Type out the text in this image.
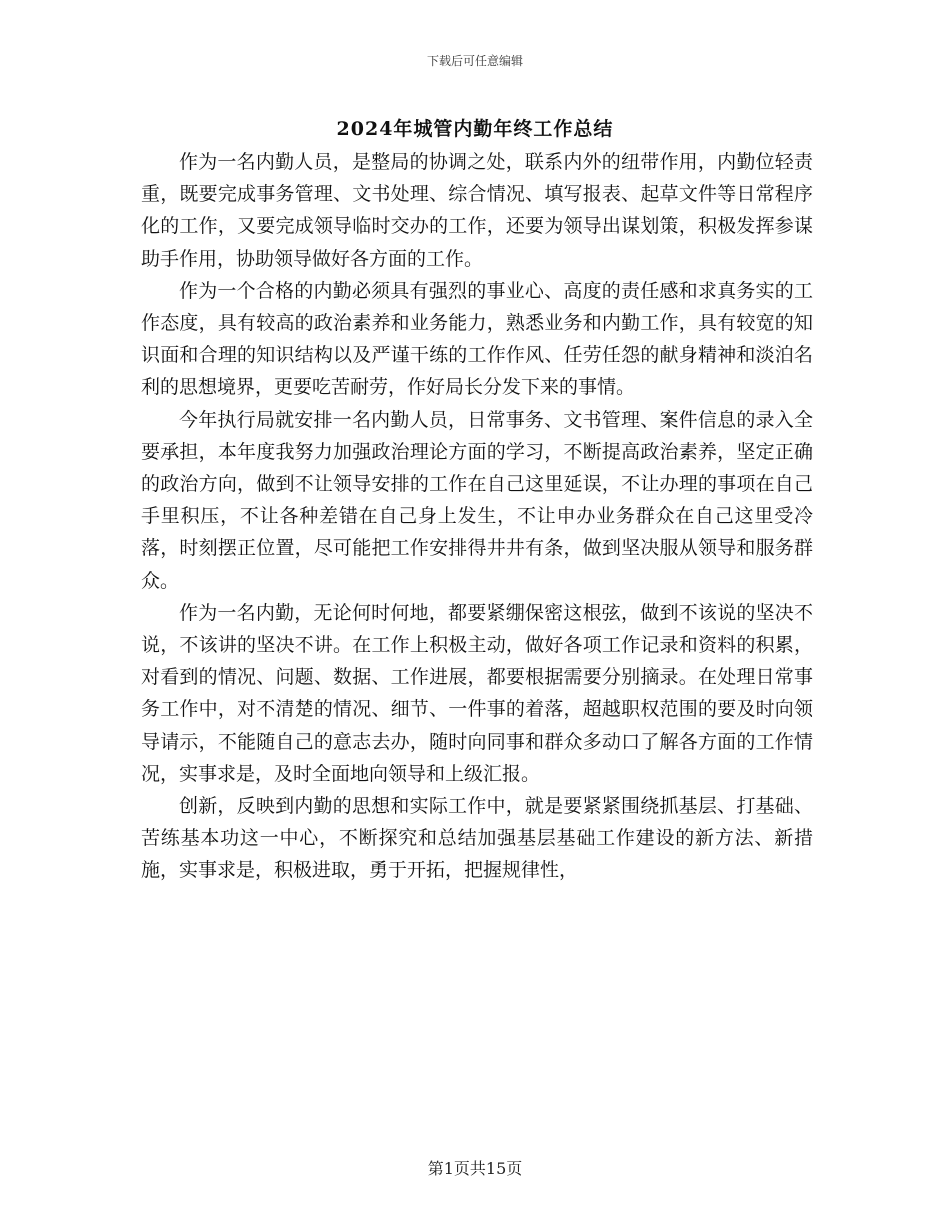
下载后可任意编辑
2024年城管内勤年终工作总结

作为一名内勤人员，是整局的协调之处，联系内外的纽带作用，内勤位轻责重，既要完成事务管理、文书处理、综合情况、填写报表、起草文件等日常程序化的工作，又要完成领导临时交办的工作，还要为领导出谋划策，积极发挥参谋助手作用，协助领导做好各方面的工作。

作为一个合格的内勤必须具有强烈的事业心、高度的责任感和求真务实的工作态度，具有较高的政治素养和业务能力，熟悉业务和内勤工作，具有较宽的知识面和合理的知识结构以及严谨干练的工作作风、任劳任怨的献身精神和淡泊名利的思想境界，更要吃苦耐劳，作好局长分发下来的事情。

今年执行局就安排一名内勤人员，日常事务、文书管理、案件信息的录入全要承担，本年度我努力加强政治理论方面的学习，不断提高政治素养，坚定正确的政治方向，做到不让领导安排的工作在自己这里延误，不让办理的事项在自己手里积压，不让各种差错在自己身上发生，不让申办业务群众在自己这里受冷落，时刻摆正位置，尽可能把工作安排得井井有条，做到坚决服从领导和服务群众。

作为一名内勤，无论何时何地，都要紧绷保密这根弦，做到不该说的坚决不说，不该讲的坚决不讲。在工作上积极主动，做好各项工作记录和资料的积累，对看到的情况、问题、数据、工作进展，都要根据需要分别摘录。在处理日常事务工作中，对不清楚的情况、细节、一件事的着落，超越职权范围的要及时向领导请示，不能随自己的意志去办，随时向同事和群众多动口了解各方面的工作情况，实事求是，及时全面地向领导和上级汇报。

创新，反映到内勤的思想和实际工作中，就是要紧紧围绕抓基层、打基础、苦练基本功这一中心，不断探究和总结加强基层基础工作建设的新方法、新措施，实事求是，积极进取，勇于开拓，把握规律性，

第1页共15页
